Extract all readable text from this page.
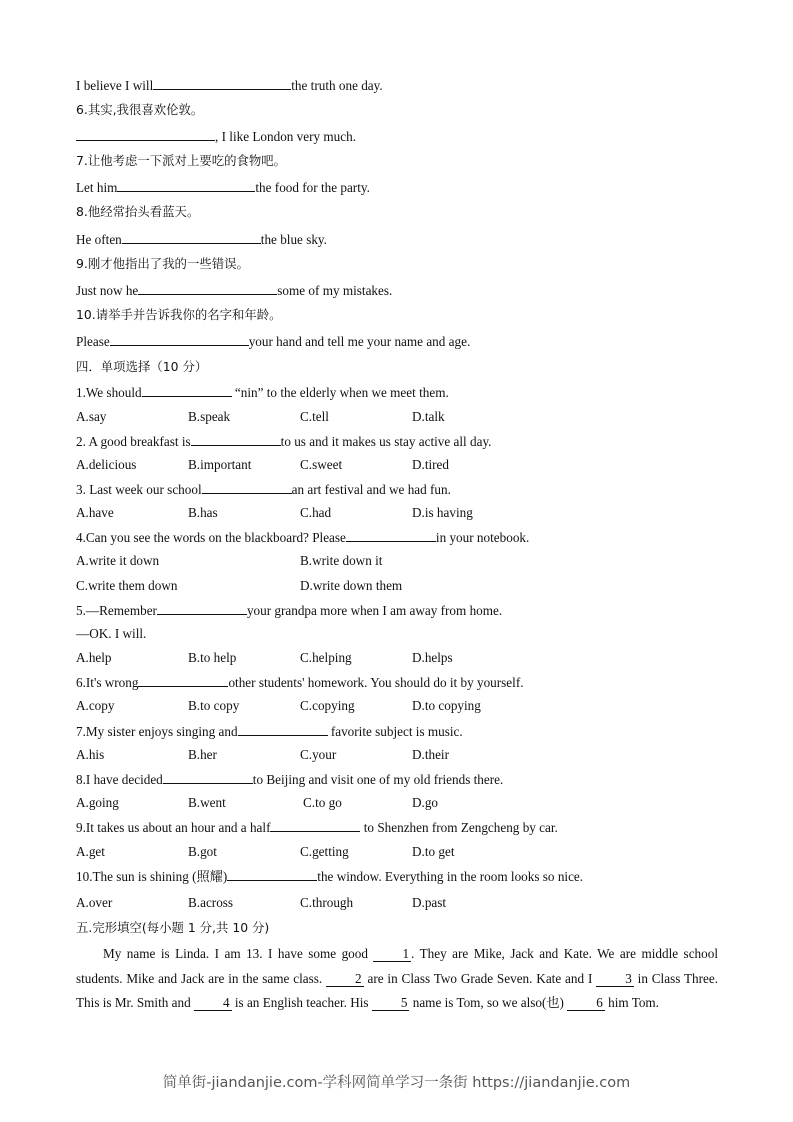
I believe I will	the truth one day.
6.其实,我很喜欢伦敦。
, I like London very much.
7.让他考虑一下派对上要吃的食物吧。
Let him	the food for the party.
8.他经常抬头看蓝天。
He often	the blue sky.
9.刚才他指出了我的一些错误。
Just now he	some of my mistakes.
10.请举手并告诉我你的名字和年龄。
Please	your hand and tell me your name and age.
四．单项选择（10 分）
1.We should	“nin” to the elderly when we meet them.
A.say	B.speak	C.tell	D.talk
2. A good breakfast is	to us and it makes us stay active all day.
A.delicious	B.important	C.sweet	D.tired
3. Last week our school	an art festival and we had fun.
A.have	B.has	C.had	D.is having
4.Can you see the words on the blackboard? Please	in your notebook.
A.write it down	B.write down it
C.write them down	D.write down them
5.—Remember	your grandpa more when I am away from home.
—OK. I will.
A.help	B.to help	C.helping	D.helps
6.It's wrong	other students' homework. You should do it by yourself.
A.copy	B.to copy	C.copying	D.to copying
7.My sister enjoys singing and	favorite subject is music.
A.his	B.her	C.your	D.their
8.I have decided	to Beijing and visit one of my old friends there.
A.going	B.went	C.to go	D.go
9.It takes us about an hour and a half	to Shenzhen from Zengcheng by car.
A.get	B.got	C.getting	D.to get
10.The sun is shining (照耀)	the window. Everything in the room looks so nice.
A.over	B.across	C.through	D.past
五.完形填空(每小题 1 分,共 10 分)
My name is Linda. I am 13. I have some good 1 . They are Mike, Jack and Kate. We are middle school students. Mike and Jack are in the same class. 2 are in Class Two Grade Seven. Kate and I 3 in Class Three. This is Mr. Smith and 4 is an English teacher. His 5 name is Tom, so we also(也) 6 him Tom.
简单街-jiandanjie.com-学科网简单学习一条街 https://jiandanjie.com
